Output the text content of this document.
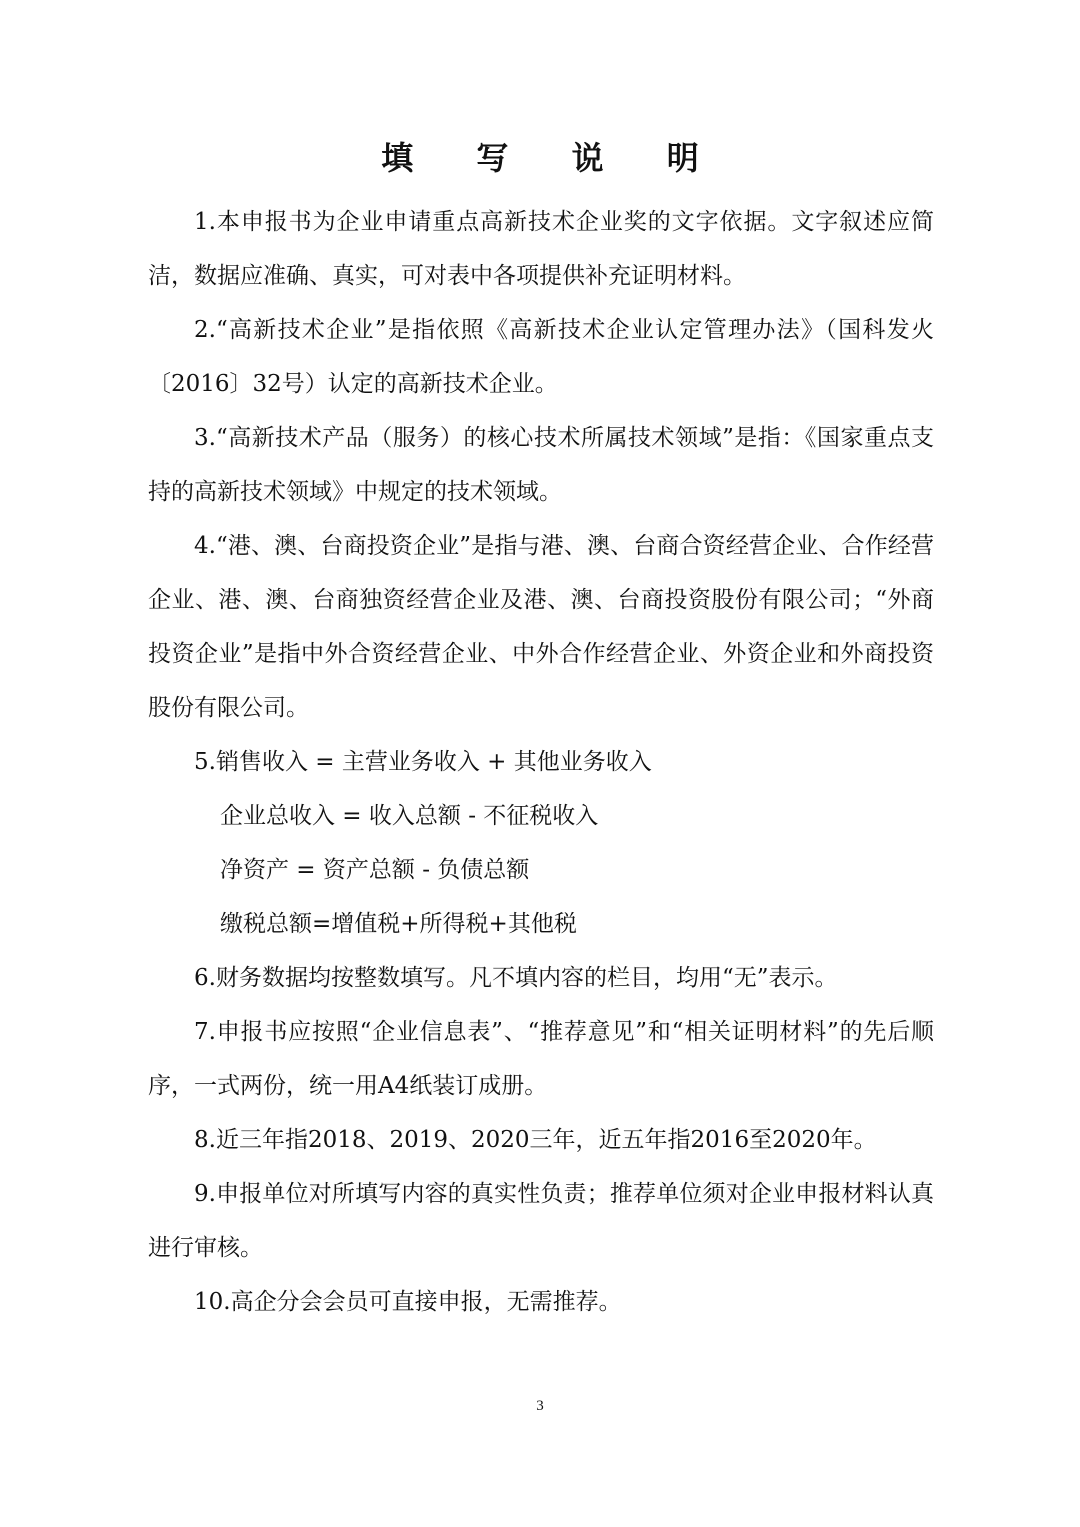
填 写 说 明

1.本申报书为企业申请重点高新技术企业奖的文字依据。文字叙述应简洁，数据应准确、真实，可对表中各项提供补充证明材料。

2.“高新技术企业”是指依照《高新技术企业认定管理办法》（国科发火〔2016〕32号）认定的高新技术企业。

3.“高新技术产品（服务）的核心技术所属技术领域”是指：《国家重点支持的高新技术领域》中规定的技术领域。

4.“港、澳、台商投资企业”是指与港、澳、台商合资经营企业、合作经营企业、港、澳、台商独资经营企业及港、澳、台商投资股份有限公司；“外商投资企业”是指中外合资经营企业、中外合作经营企业、外资企业和外商投资股份有限公司。

5.销售收入 = 主营业务收入 + 其他业务收入

企业总收入 = 收入总额 - 不征税收入

净资产 = 资产总额 - 负债总额

缴税总额=增值税+所得税+其他税

6.财务数据均按整数填写。凡不填内容的栏目，均用“无”表示。

7.申报书应按照“企业信息表”、“推荐意见”和“相关证明材料”的先后顺序，一式两份，统一用A4纸装订成册。

8.近三年指2018、2019、2020三年，近五年指2016至2020年。

9.申报单位对所填写内容的真实性负责；推荐单位须对企业申报材料认真进行审核。

10.高企分会会员可直接申报，无需推荐。

3
